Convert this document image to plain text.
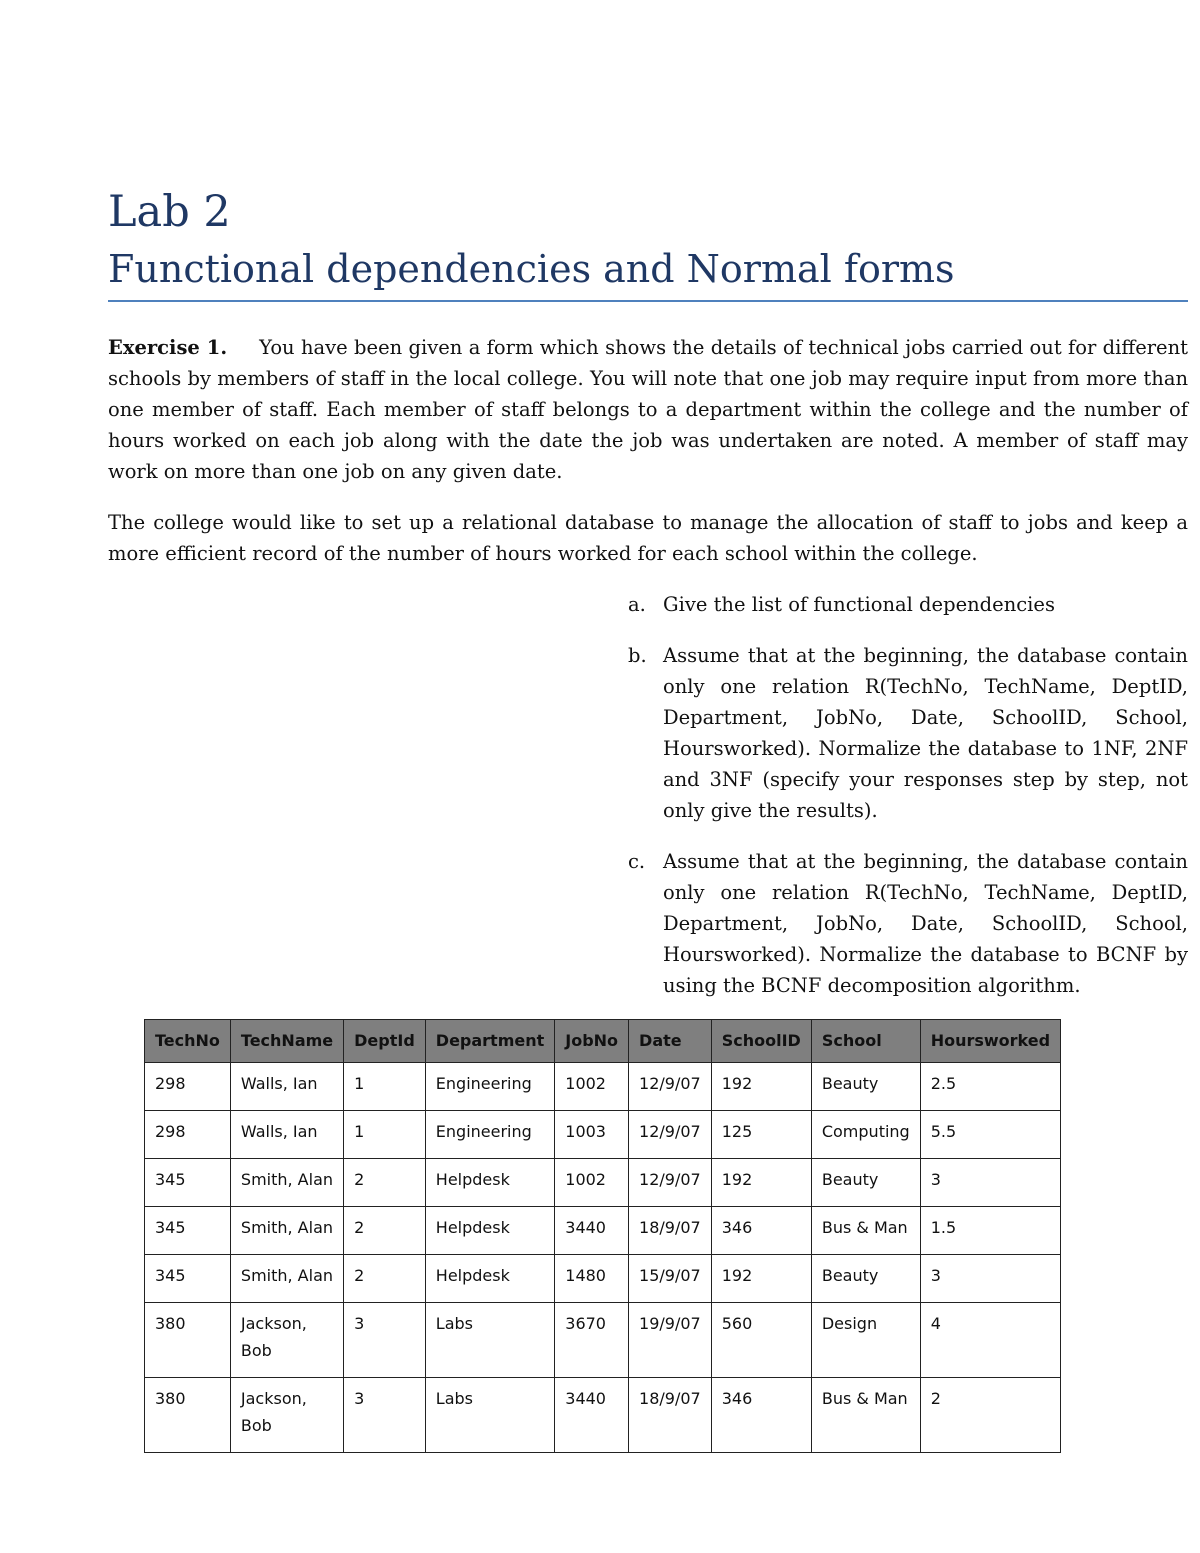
Lab 2
Functional dependencies and Normal forms

Exercise 1. You have been given a form which shows the details of technical jobs carried out for different schools by members of staff in the local college. You will note that one job may require input from more than one member of staff. Each member of staff belongs to a department within the college and the number of hours worked on each job along with the date the job was undertaken are noted. A member of staff may work on more than one job on any given date.

The college would like to set up a relational database to manage the allocation of staff to jobs and keep a more efficient record of the number of hours worked for each school within the college.

a. Give the list of functional dependencies
b. Assume that at the beginning, the database contain only one relation R(TechNo, TechName, DeptID, Department, JobNo, Date, SchoolID, School, Hoursworked). Normalize the database to 1NF, 2NF and 3NF (specify your responses step by step, not only give the results).
c. Assume that at the beginning, the database contain only one relation R(TechNo, TechName, DeptID, Department, JobNo, Date, SchoolID, School, Hoursworked). Normalize the database to BCNF by using the BCNF decomposition algorithm.
TechNo	TechName	DeptId	Department	JobNo	Date	SchoolID	School	Hoursworked
298	Walls, Ian	1	Engineering	1002	12/9/07	192	Beauty	2.5
298	Walls, Ian	1	Engineering	1003	12/9/07	125	Computing	5.5
345	Smith, Alan	2	Helpdesk	1002	12/9/07	192	Beauty	3
345	Smith, Alan	2	Helpdesk	3440	18/9/07	346	Bus & Man	1.5
345	Smith, Alan	2	Helpdesk	1480	15/9/07	192	Beauty	3
380	Jackson, Bob	3	Labs	3670	19/9/07	560	Design	4
380	Jackson, Bob	3	Labs	3440	18/9/07	346	Bus & Man	2
